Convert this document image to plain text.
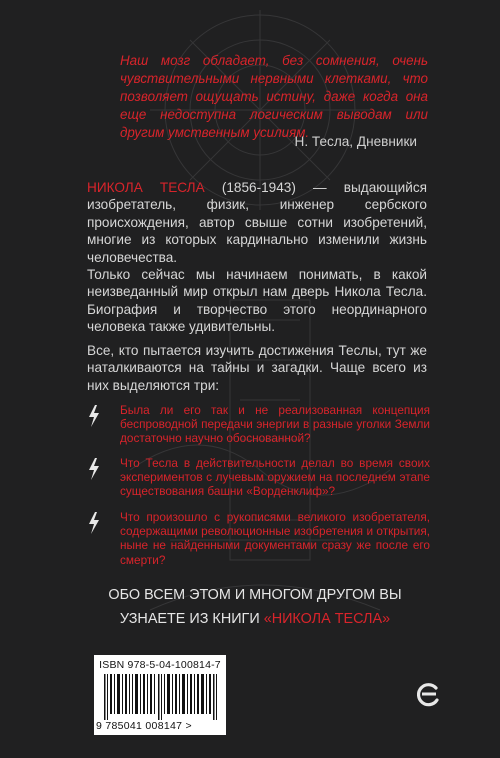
Наш мозг обладает, без сомнения, очень чувствительными нервными клетками, что позволяет ощущать истину, даже когда она еще недоступна логическим выводам или другим умственным усилиям.
Н. Тесла, Дневники

НИКОЛА ТЕСЛА (1856-1943) — выдающийся изобретатель, физик, инженер сербского происхождения, автор свыше сотни изобретений, многие из которых кардинально изменили жизнь человечества.

Только сейчас мы начинаем понимать, в какой неизведанный мир открыл нам дверь Никола Тесла. Биография и творчество этого неординарного человека также удивительны.

Все, кто пытается изучить достижения Теслы, тут же наталкиваются на тайны и загадки. Чаще всего из них выделяются три:
Была ли его так и не реализованная концепция беспроводной передачи энергии в разные уголки Земли достаточно научно обоснованной?
Что Тесла в действительности делал во время своих экспериментов с лучевым оружием на последнем этапе существования башни «Ворденклиф»?
Что произошло с рукописями великого изобретателя, содержащими революционные изобретения и открытия, ныне не найденными документами сразу же после его смерти?
ОБО ВСЕМ ЭТОМ И МНОГОМ ДРУГОМ ВЫ
УЗНАЕТЕ ИЗ КНИГИ «НИКОЛА ТЕСЛА»
ISBN 978-5-04-100814-7
9 785041 008147 >
